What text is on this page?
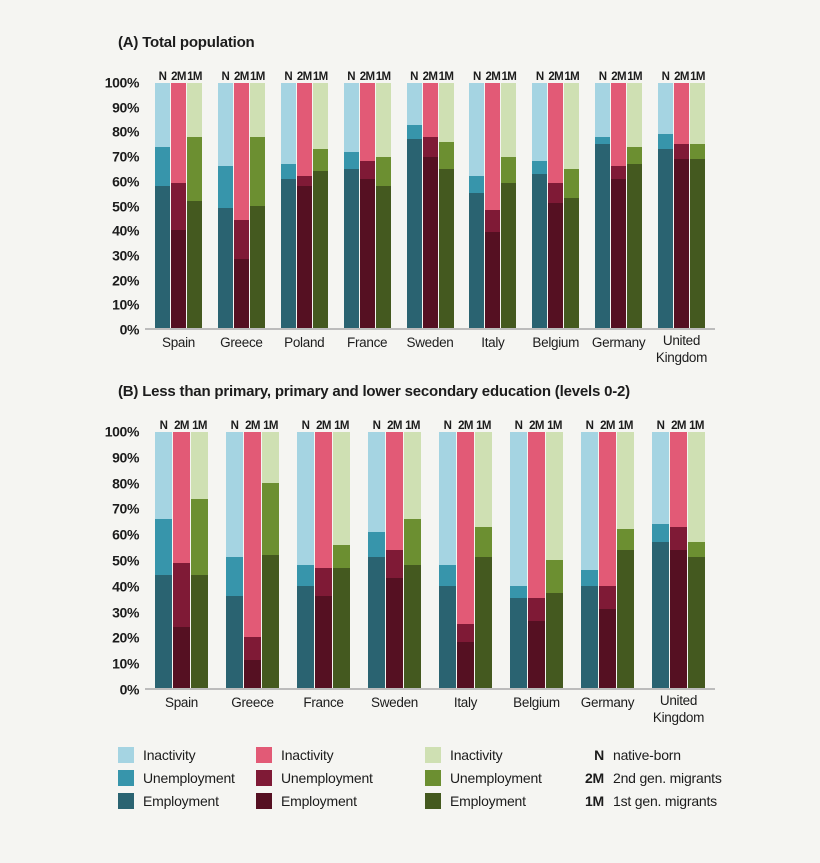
(A) Total population
100%
90%
80%
70%
60%
50%
40%
30%
20%
10%
0%
N 2M 1M	N 2M 1M	N 2M 1M	N 2M 1M	N 2M 1M	N 2M 1M	N 2M 1M	N 2M 1M	N 2M 1M
Spain Greece Poland France Sweden Italy Belgium Germany	United Kingdom
(B) Less than primary, primary and lower secondary education (levels 0-2)
100%
90%
80%
70%
60%
50%
40%
30%
20%
10%
0%
N 2M 1M	N 2M 1M	N 2M 1M	N 2M 1M	N 2M 1M	N 2M 1M	N 2M 1M	N 2M 1M
Spain Greece France Sweden	Italy	Belgium Germany	United Kingdom
Inactivity
Unemployment
Employment
Inactivity
Unemployment
Employment
Inactivity
Unemployment
Employment
N native-born
2M 2nd gen. migrants
1M 1st gen. migrants
